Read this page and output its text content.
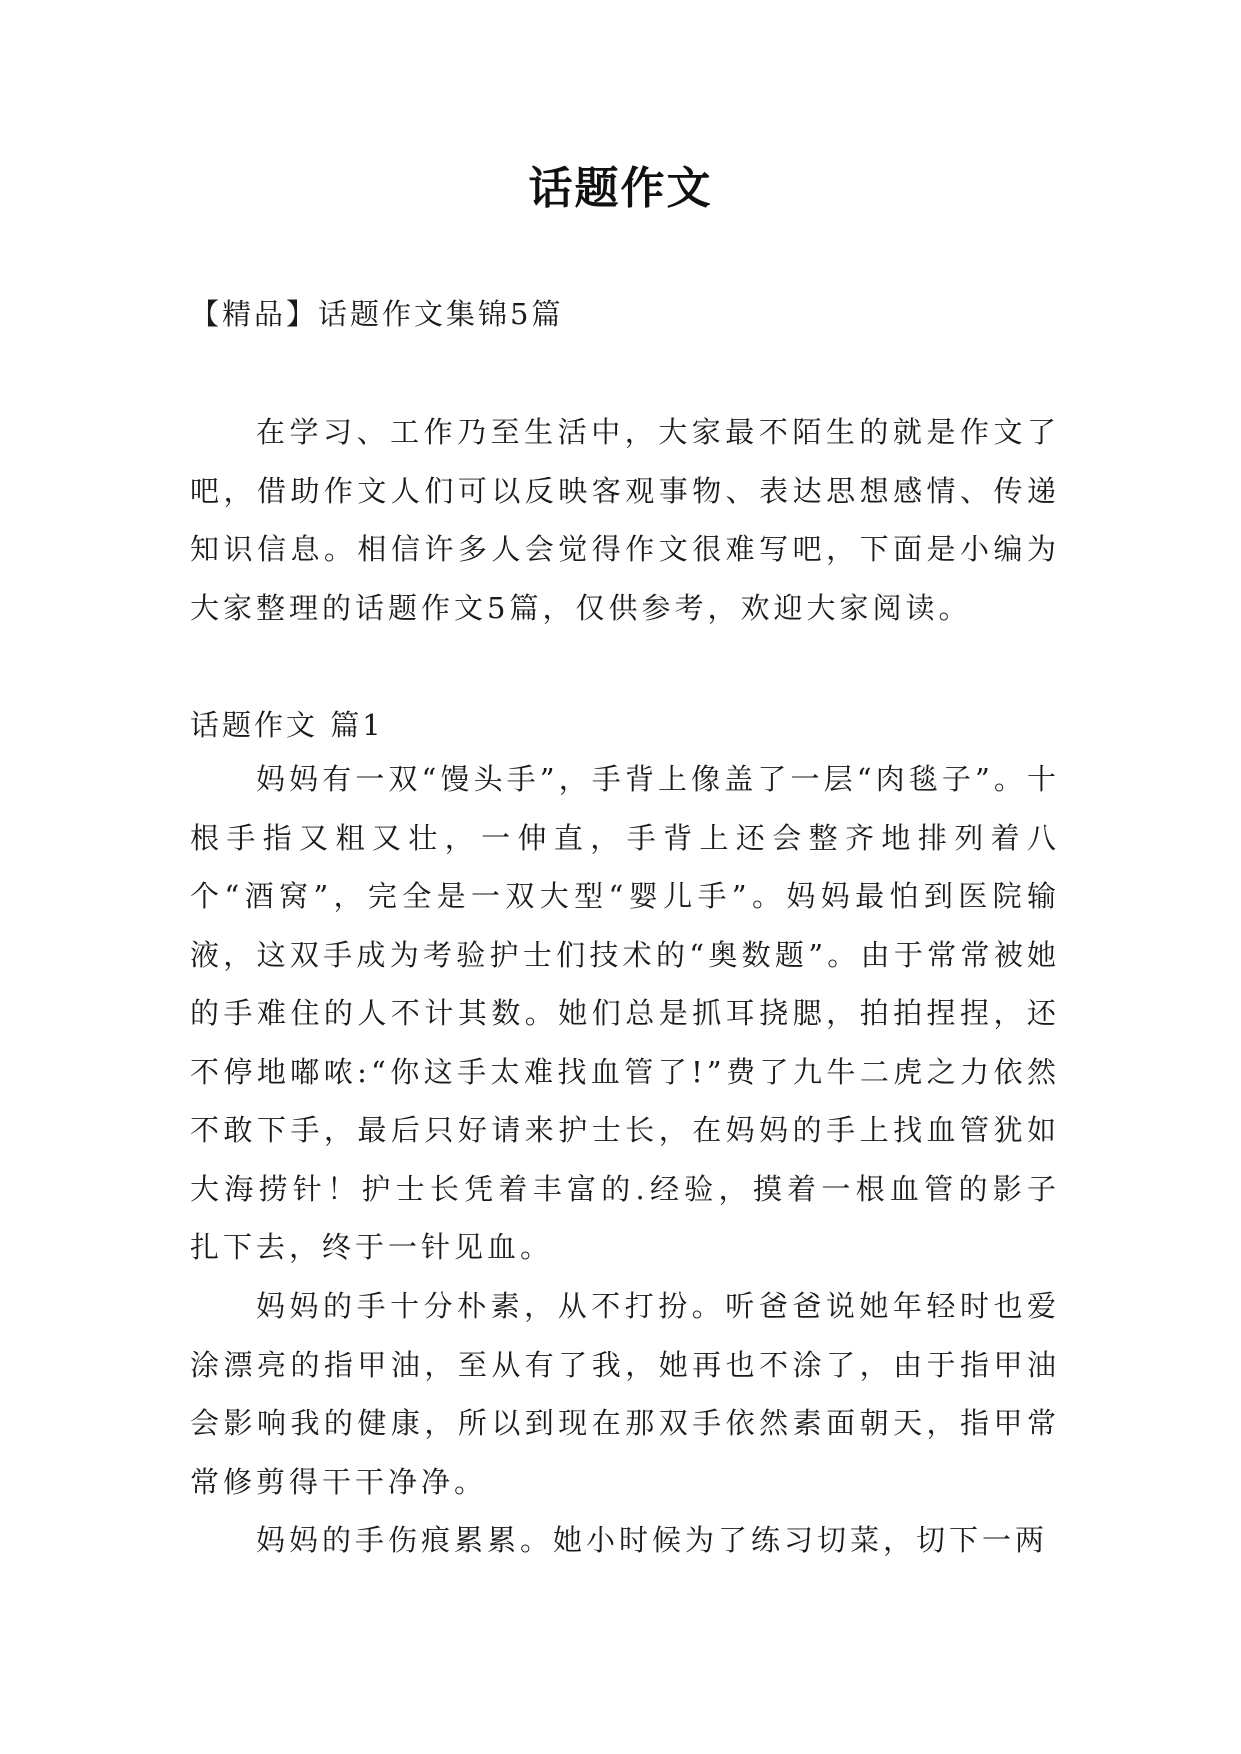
话题作文
【精品】话题作文集锦5篇
在学习、工作乃至生活中，大家最不陌生的就是作文了吧，借助作文人们可以反映客观事物、表达思想感情、传递知识信息。相信许多人会觉得作文很难写吧，下面是小编为大家整理的话题作文5篇，仅供参考，欢迎大家阅读。
话题作文 篇1
妈妈有一双“馒头手”，手背上像盖了一层“肉毯子”。十根手指又粗又壮，一伸直，手背上还会整齐地排列着八个“酒窝”，完全是一双大型“婴儿手”。妈妈最怕到医院输液，这双手成为考验护士们技术的“奥数题”。由于常常被她的手难住的人不计其数。她们总是抓耳挠腮，拍拍捏捏，还不停地嘟哝:“你这手太难找血管了!”费了九牛二虎之力依然不敢下手，最后只好请来护士长，在妈妈的手上找血管犹如大海捞针！护士长凭着丰富的.经验，摸着一根血管的影子扎下去，终于一针见血。
妈妈的手十分朴素，从不打扮。听爸爸说她年轻时也爱涂漂亮的指甲油，至从有了我，她再也不涂了，由于指甲油会影响我的健康，所以到现在那双手依然素面朝天，指甲常常修剪得干干净净。
妈妈的手伤痕累累。她小时候为了练习切菜，切下一两
